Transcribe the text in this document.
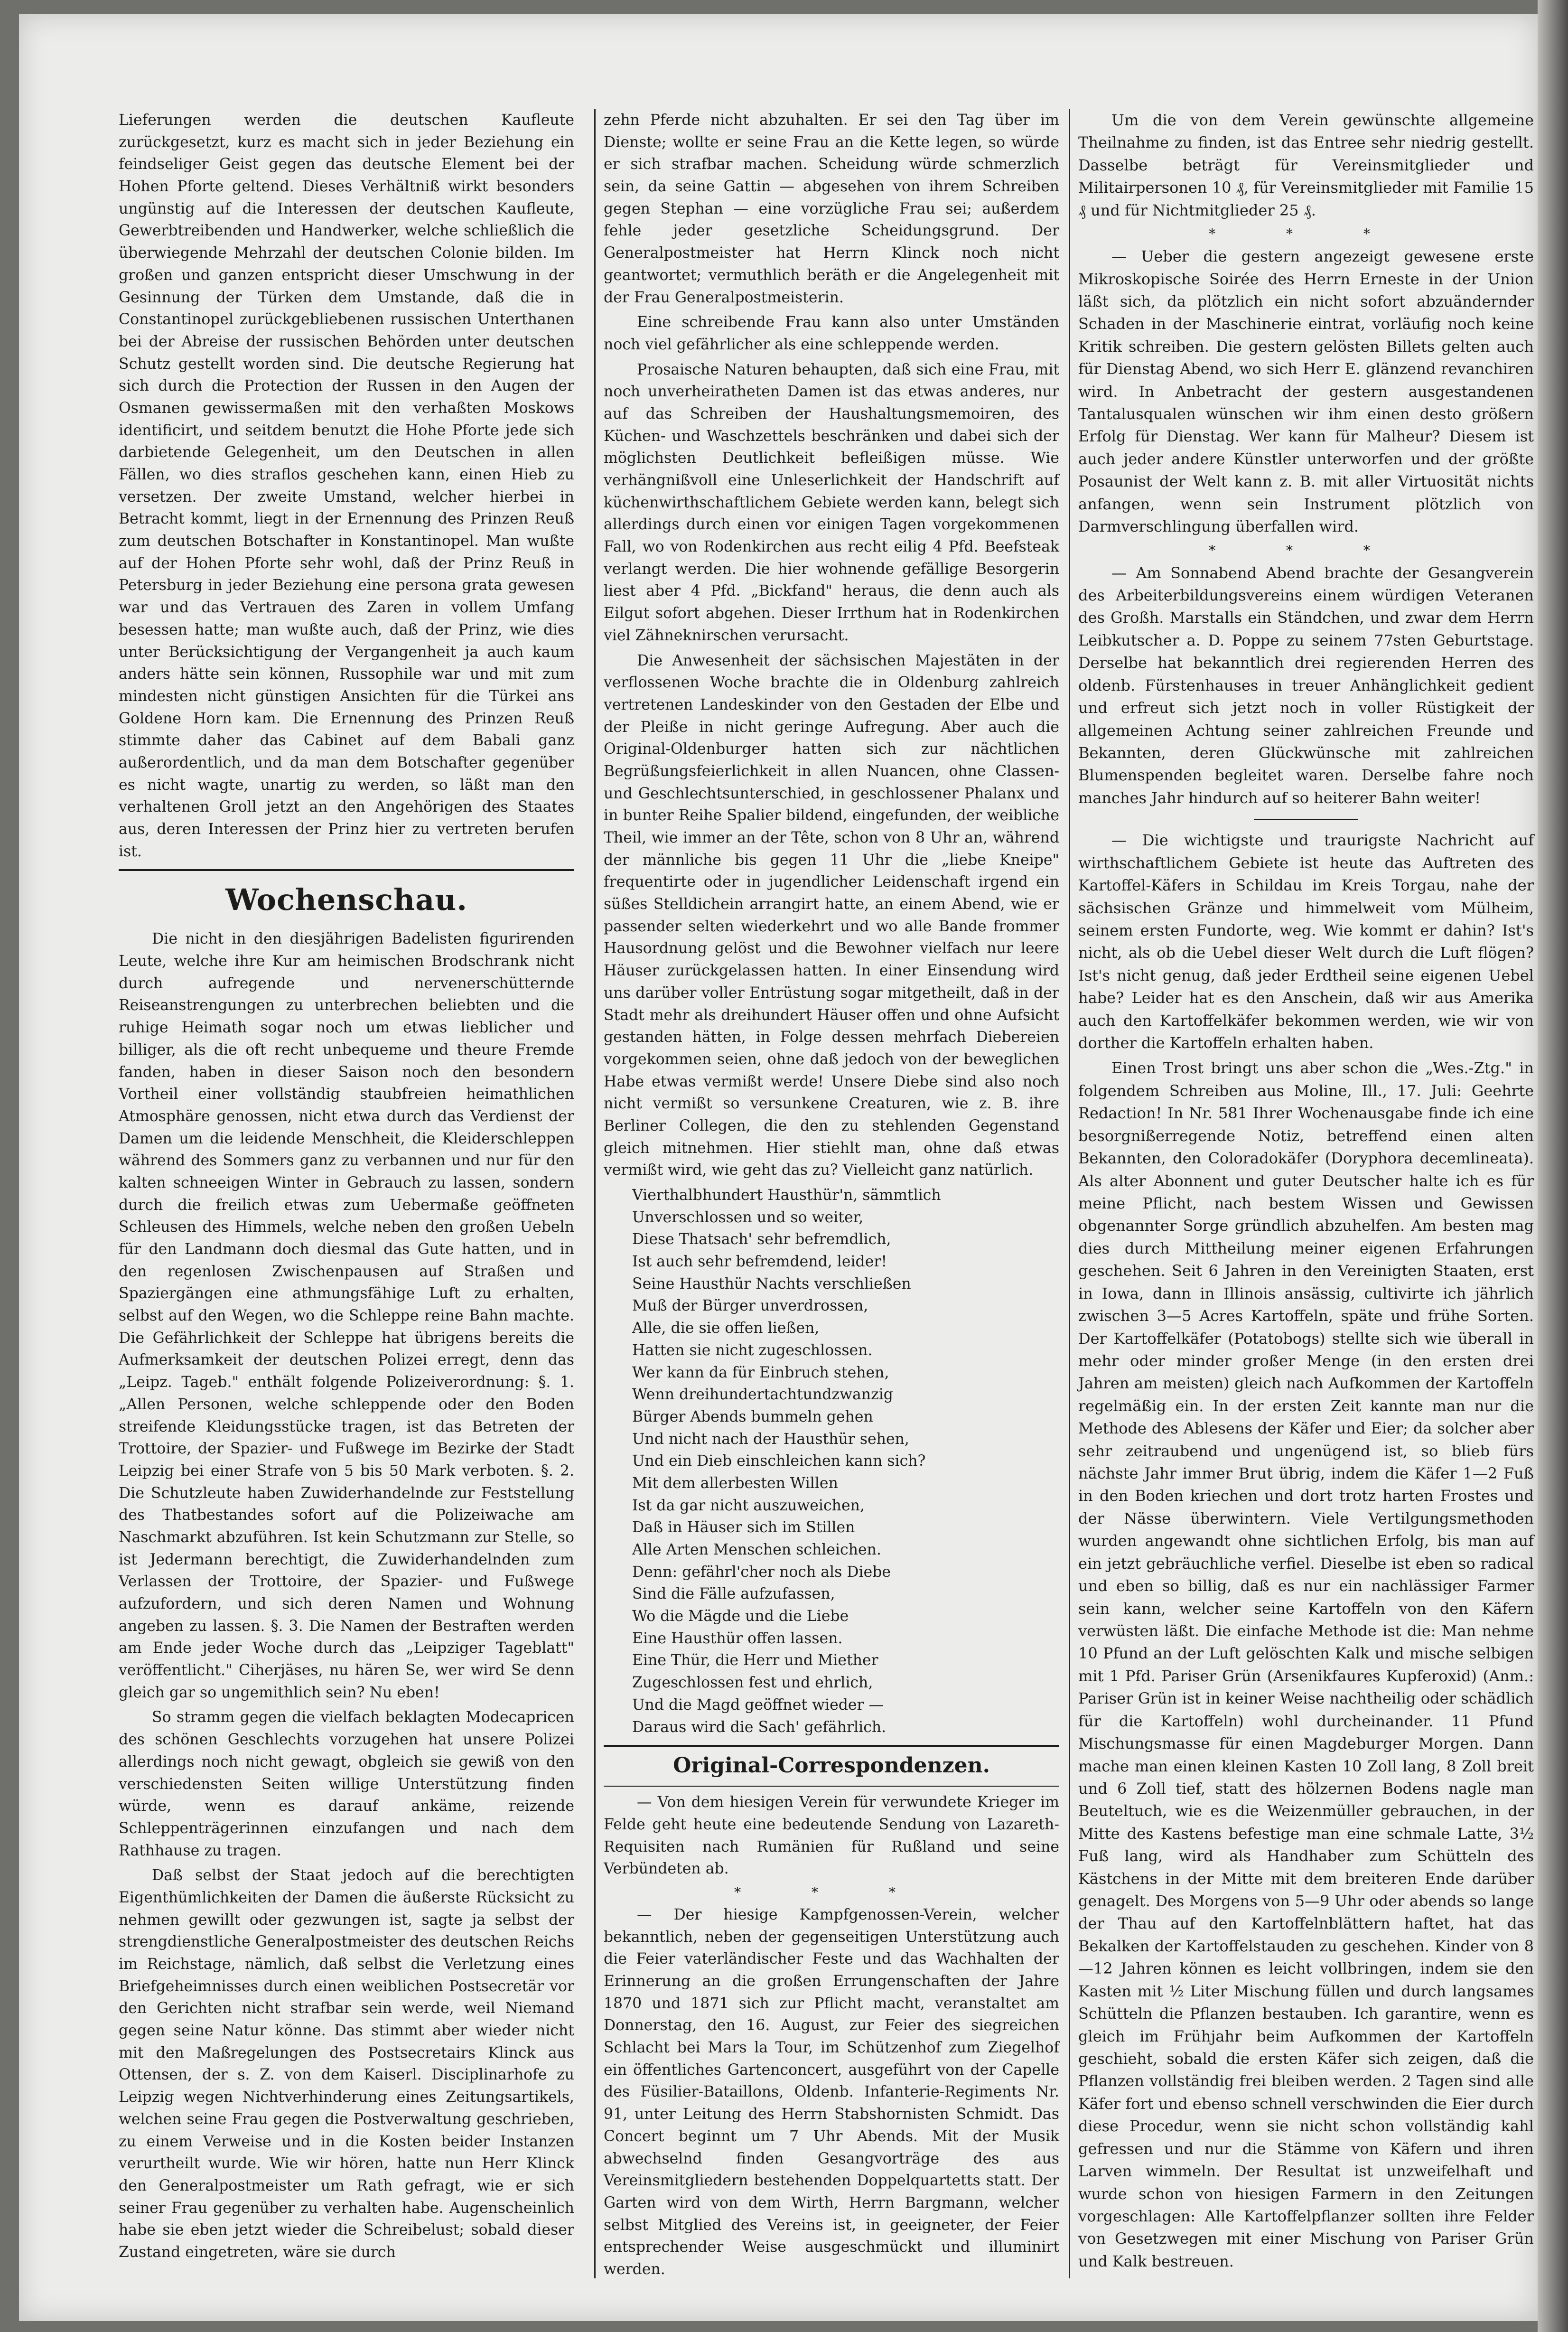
Lieferungen werden die deutschen Kaufleute zurückgesetzt, kurz es macht sich in jeder Beziehung ein feindseliger Geist gegen das deutsche Element bei der Hohen Pforte geltend. Dieses Verhältniß wirkt besonders ungünstig auf die Interessen der deutschen Kaufleute, Gewerbtreibenden und Handwerker, welche schließlich die überwiegende Mehrzahl der deutschen Colonie bilden. Im großen und ganzen entspricht dieser Umschwung in der Gesinnung der Türken dem Umstande, daß die in Constantinopel zurückgebliebenen russischen Unterthanen bei der Abreise der russischen Behörden unter deutschen Schutz gestellt worden sind. Die deutsche Regierung hat sich durch die Protection der Russen in den Augen der Osmanen gewissermaßen mit den verhaßten Moskows identificirt, und seitdem benutzt die Hohe Pforte jede sich darbietende Gelegenheit, um den Deutschen in allen Fällen, wo dies straflos geschehen kann, einen Hieb zu versetzen. Der zweite Umstand, welcher hierbei in Betracht kommt, liegt in der Ernennung des Prinzen Reuß zum deutschen Botschafter in Konstantinopel. Man wußte auf der Hohen Pforte sehr wohl, daß der Prinz Reuß in Petersburg in jeder Beziehung eine persona grata gewesen war und das Vertrauen des Zaren in vollem Umfang besessen hatte; man wußte auch, daß der Prinz, wie dies unter Berücksichtigung der Vergangenheit ja auch kaum anders hätte sein können, Russophile war und mit zum mindesten nicht günstigen Ansichten für die Türkei ans Goldene Horn kam. Die Ernennung des Prinzen Reuß stimmte daher das Cabinet auf dem Babali ganz außerordentlich, und da man dem Botschafter gegenüber es nicht wagte, unartig zu werden, so läßt man den verhaltenen Groll jetzt an den Angehörigen des Staates aus, deren Interessen der Prinz hier zu vertreten berufen ist.

Wochenschau.

Die nicht in den diesjährigen Badelisten figurirenden Leute, welche ihre Kur am heimischen Brodschrank nicht durch aufregende und nervenerschütternde Reiseanstrengungen zu unterbrechen beliebten und die ruhige Heimath sogar noch um etwas lieblicher und billiger, als die oft recht unbequeme und theure Fremde fanden, haben in dieser Saison noch den besondern Vortheil einer vollständig staubfreien heimathlichen Atmosphäre genossen, nicht etwa durch das Verdienst der Damen um die leidende Menschheit, die Kleiderschleppen während des Sommers ganz zu verbannen und nur für den kalten schneeigen Winter in Gebrauch zu lassen, sondern durch die freilich etwas zum Uebermaße geöffneten Schleusen des Himmels, welche neben den großen Uebeln für den Landmann doch diesmal das Gute hatten, und in den regenlosen Zwischenpausen auf Straßen und Spaziergängen eine athmungsfähige Luft zu erhalten, selbst auf den Wegen, wo die Schleppe reine Bahn machte. Die Gefährlichkeit der Schleppe hat übrigens bereits die Aufmerksamkeit der deutschen Polizei erregt, denn das „Leipz. Tageb." enthält folgende Polizeiverordnung: §. 1. „Allen Personen, welche schleppende oder den Boden streifende Kleidungsstücke tragen, ist das Betreten der Trottoire, der Spazier- und Fußwege im Bezirke der Stadt Leipzig bei einer Strafe von 5 bis 50 Mark verboten. §. 2. Die Schutzleute haben Zuwiderhandelnde zur Feststellung des Thatbestandes sofort auf die Polizeiwache am Naschmarkt abzuführen. Ist kein Schutzmann zur Stelle, so ist Jedermann berechtigt, die Zuwiderhandelnden zum Verlassen der Trottoire, der Spazier- und Fußwege aufzufordern, und sich deren Namen und Wohnung angeben zu lassen. §. 3. Die Namen der Bestraften werden am Ende jeder Woche durch das „Leipziger Tageblatt" veröffentlicht." Ciherjäses, nu hären Se, wer wird Se denn gleich gar so ungemithlich sein? Nu eben!

So stramm gegen die vielfach beklagten Modecapricen des schönen Geschlechts vorzugehen hat unsere Polizei allerdings noch nicht gewagt, obgleich sie gewiß von den verschiedensten Seiten willige Unterstützung finden würde, wenn es darauf ankäme, reizende Schleppenträgerinnen einzufangen und nach dem Rathhause zu tragen.

Daß selbst der Staat jedoch auf die berechtigten Eigenthümlichkeiten der Damen die äußerste Rücksicht zu nehmen gewillt oder gezwungen ist, sagte ja selbst der strengdienstliche Generalpostmeister des deutschen Reichs im Reichstage, nämlich, daß selbst die Verletzung eines Briefgeheimnisses durch einen weiblichen Postsecretär vor den Gerichten nicht strafbar sein werde, weil Niemand gegen seine Natur könne. Das stimmt aber wieder nicht mit den Maßregelungen des Postsecretairs Klinck aus Ottensen, der s. Z. von dem Kaiserl. Disciplinarhofe zu Leipzig wegen Nichtverhinderung eines Zeitungsartikels, welchen seine Frau gegen die Postverwaltung geschrieben, zu einem Verweise und in die Kosten beider Instanzen verurtheilt wurde. Wie wir hören, hatte nun Herr Klinck den Generalpostmeister um Rath gefragt, wie er sich seiner Frau gegenüber zu verhalten habe. Augenscheinlich habe sie eben jetzt wieder die Schreibelust; sobald dieser Zustand eingetreten, wäre sie durch

zehn Pferde nicht abzuhalten. Er sei den Tag über im Dienste; wollte er seine Frau an die Kette legen, so würde er sich strafbar machen. Scheidung würde schmerzlich sein, da seine Gattin — abgesehen von ihrem Schreiben gegen Stephan — eine vorzügliche Frau sei; außerdem fehle jeder gesetzliche Scheidungsgrund. Der Generalpostmeister hat Herrn Klinck noch nicht geantwortet; vermuthlich beräth er die Angelegenheit mit der Frau Generalpostmeisterin.

Eine schreibende Frau kann also unter Umständen noch viel gefährlicher als eine schleppende werden.

Prosaische Naturen behaupten, daß sich eine Frau, mit noch unverheiratheten Damen ist das etwas anderes, nur auf das Schreiben der Haushaltungsmemoiren, des Küchen- und Waschzettels beschränken und dabei sich der möglichsten Deutlichkeit befleißigen müsse. Wie verhängnißvoll eine Unleserlichkeit der Handschrift auf küchenwirthschaftlichem Gebiete werden kann, belegt sich allerdings durch einen vor einigen Tagen vorgekommenen Fall, wo von Rodenkirchen aus recht eilig 4 Pfd. Beefsteak verlangt werden. Die hier wohnende gefällige Besorgerin liest aber 4 Pfd. „Bickfand" heraus, die denn auch als Eilgut sofort abgehen. Dieser Irrthum hat in Rodenkirchen viel Zähneknirschen verursacht.

Die Anwesenheit der sächsischen Majestäten in der verflossenen Woche brachte die in Oldenburg zahlreich vertretenen Landeskinder von den Gestaden der Elbe und der Pleiße in nicht geringe Aufregung. Aber auch die Original-Oldenburger hatten sich zur nächtlichen Begrüßungsfeierlichkeit in allen Nuancen, ohne Classen- und Geschlechtsunterschied, in geschlossener Phalanx und in bunter Reihe Spalier bildend, eingefunden, der weibliche Theil, wie immer an der Tête, schon von 8 Uhr an, während der männliche bis gegen 11 Uhr die „liebe Kneipe" frequentirte oder in jugendlicher Leidenschaft irgend ein süßes Stelldichein arrangirt hatte, an einem Abend, wie er passender selten wiederkehrt und wo alle Bande frommer Hausordnung gelöst und die Bewohner vielfach nur leere Häuser zurückgelassen hatten. In einer Einsendung wird uns darüber voller Entrüstung sogar mitgetheilt, daß in der Stadt mehr als dreihundert Häuser offen und ohne Aufsicht gestanden hätten, in Folge dessen mehrfach Diebereien vorgekommen seien, ohne daß jedoch von der beweglichen Habe etwas vermißt werde! Unsere Diebe sind also noch nicht vermißt so versunkene Creaturen, wie z. B. ihre Berliner Collegen, die den zu stehlenden Gegenstand gleich mitnehmen. Hier stiehlt man, ohne daß etwas vermißt wird, wie geht das zu? Vielleicht ganz natürlich.

Vierthalbhundert Hausthür'n, sämmtlich
Unverschlossen und so weiter,
Diese Thatsach' sehr befremdlich,
Ist auch sehr befremdend, leider!
Seine Hausthür Nachts verschließen
Muß der Bürger unverdrossen,
Alle, die sie offen ließen,
Hatten sie nicht zugeschlossen.
Wer kann da für Einbruch stehen,
Wenn dreihundertachtundzwanzig
Bürger Abends bummeln gehen
Und nicht nach der Hausthür sehen,
Und ein Dieb einschleichen kann sich?
Mit dem allerbesten Willen
Ist da gar nicht auszuweichen,
Daß in Häuser sich im Stillen
Alle Arten Menschen schleichen.
Denn: gefährl'cher noch als Diebe
Sind die Fälle aufzufassen,
Wo die Mägde und die Liebe
Eine Hausthür offen lassen.
Eine Thür, die Herr und Miether
Zugeschlossen fest und ehrlich,
Und die Magd geöffnet wieder —
Daraus wird die Sach' gefährlich.
Original-Correspondenzen.

— Von dem hiesigen Verein für verwundete Krieger im Felde geht heute eine bedeutende Sendung von Lazareth-Requisiten nach Rumänien für Rußland und seine Verbündeten ab.

* * *

— Der hiesige Kampfgenossen-Verein, welcher bekanntlich, neben der gegenseitigen Unterstützung auch die Feier vaterländischer Feste und das Wachhalten der Erinnerung an die großen Errungenschaften der Jahre 1870 und 1871 sich zur Pflicht macht, veranstaltet am Donnerstag, den 16. August, zur Feier des siegreichen Schlacht bei Mars la Tour, im Schützenhof zum Ziegelhof ein öffentliches Gartenconcert, ausgeführt von der Capelle des Füsilier-Bataillons, Oldenb. Infanterie-Regiments Nr. 91, unter Leitung des Herrn Stabshornisten Schmidt. Das Concert beginnt um 7 Uhr Abends. Mit der Musik abwechselnd finden Gesangvorträge des aus Vereinsmitgliedern bestehenden Doppelquartetts statt. Der Garten wird von dem Wirth, Herrn Bargmann, welcher selbst Mitglied des Vereins ist, in geeigneter, der Feier entsprechender Weise ausgeschmückt und illuminirt werden.

Um die von dem Verein gewünschte allgemeine Theilnahme zu finden, ist das Entree sehr niedrig gestellt. Dasselbe beträgt für Vereinsmitglieder und Militairpersonen 10 ₰, für Vereinsmitglieder mit Familie 15 ₰ und für Nichtmitglieder 25 ₰.

* * *

— Ueber die gestern angezeigt gewesene erste Mikroskopische Soirée des Herrn Erneste in der Union läßt sich, da plötzlich ein nicht sofort abzuändernder Schaden in der Maschinerie eintrat, vorläufig noch keine Kritik schreiben. Die gestern gelösten Billets gelten auch für Dienstag Abend, wo sich Herr E. glänzend revanchiren wird. In Anbetracht der gestern ausgestandenen Tantalusqualen wünschen wir ihm einen desto größern Erfolg für Dienstag. Wer kann für Malheur? Diesem ist auch jeder andere Künstler unterworfen und der größte Posaunist der Welt kann z. B. mit aller Virtuosität nichts anfangen, wenn sein Instrument plötzlich von Darmverschlingung überfallen wird.

* * *

— Am Sonnabend Abend brachte der Gesangverein des Arbeiterbildungsvereins einem würdigen Veteranen des Großh. Marstalls ein Ständchen, und zwar dem Herrn Leibkutscher a. D. Poppe zu seinem 77sten Geburtstage. Derselbe hat bekanntlich drei regierenden Herren des oldenb. Fürstenhauses in treuer Anhänglichkeit gedient und erfreut sich jetzt noch in voller Rüstigkeit der allgemeinen Achtung seiner zahlreichen Freunde und Bekannten, deren Glückwünsche mit zahlreichen Blumenspenden begleitet waren. Derselbe fahre noch manches Jahr hindurch auf so heiterer Bahn weiter!

— Die wichtigste und traurigste Nachricht auf wirthschaftlichem Gebiete ist heute das Auftreten des Kartoffel-Käfers in Schildau im Kreis Torgau, nahe der sächsischen Gränze und himmelweit vom Mülheim, seinem ersten Fundorte, weg. Wie kommt er dahin? Ist's nicht, als ob die Uebel dieser Welt durch die Luft flögen? Ist's nicht genug, daß jeder Erdtheil seine eigenen Uebel habe? Leider hat es den Anschein, daß wir aus Amerika auch den Kartoffelkäfer bekommen werden, wie wir von dorther die Kartoffeln erhalten haben.

Einen Trost bringt uns aber schon die „Wes.-Ztg." in folgendem Schreiben aus Moline, Ill., 17. Juli: Geehrte Redaction! In Nr. 581 Ihrer Wochenausgabe finde ich eine besorgnißerregende Notiz, betreffend einen alten Bekannten, den Coloradokäfer (Doryphora decemlineata). Als alter Abonnent und guter Deutscher halte ich es für meine Pflicht, nach bestem Wissen und Gewissen obgenannter Sorge gründlich abzuhelfen. Am besten mag dies durch Mittheilung meiner eigenen Erfahrungen geschehen. Seit 6 Jahren in den Vereinigten Staaten, erst in Iowa, dann in Illinois ansässig, cultivirte ich jährlich zwischen 3—5 Acres Kartoffeln, späte und frühe Sorten. Der Kartoffelkäfer (Potatobogs) stellte sich wie überall in mehr oder minder großer Menge (in den ersten drei Jahren am meisten) gleich nach Aufkommen der Kartoffeln regelmäßig ein. In der ersten Zeit kannte man nur die Methode des Ablesens der Käfer und Eier; da solcher aber sehr zeitraubend und ungenügend ist, so blieb fürs nächste Jahr immer Brut übrig, indem die Käfer 1—2 Fuß in den Boden kriechen und dort trotz harten Frostes und der Nässe überwintern. Viele Vertilgungsmethoden wurden angewandt ohne sichtlichen Erfolg, bis man auf ein jetzt gebräuchliche verfiel. Dieselbe ist eben so radical und eben so billig, daß es nur ein nachlässiger Farmer sein kann, welcher seine Kartoffeln von den Käfern verwüsten läßt. Die einfache Methode ist die: Man nehme 10 Pfund an der Luft gelöschten Kalk und mische selbigen mit 1 Pfd. Pariser Grün (Arsenikfaures Kupferoxid) (Anm.: Pariser Grün ist in keiner Weise nachtheilig oder schädlich für die Kartoffeln) wohl durcheinander. 11 Pfund Mischungsmasse für einen Magdeburger Morgen. Dann mache man einen kleinen Kasten 10 Zoll lang, 8 Zoll breit und 6 Zoll tief, statt des hölzernen Bodens nagle man Beuteltuch, wie es die Weizenmüller gebrauchen, in der Mitte des Kastens befestige man eine schmale Latte, 3½ Fuß lang, wird als Handhaber zum Schütteln des Kästchens in der Mitte mit dem breiteren Ende darüber genagelt. Des Morgens von 5—9 Uhr oder abends so lange der Thau auf den Kartoffelnblättern haftet, hat das Bekalken der Kartoffelstauden zu geschehen. Kinder von 8—12 Jahren können es leicht vollbringen, indem sie den Kasten mit ½ Liter Mischung füllen und durch langsames Schütteln die Pflanzen bestauben. Ich garantire, wenn es gleich im Frühjahr beim Aufkommen der Kartoffeln geschieht, sobald die ersten Käfer sich zeigen, daß die Pflanzen vollständig frei bleiben werden. 2 Tagen sind alle Käfer fort und ebenso schnell verschwinden die Eier durch diese Procedur, wenn sie nicht schon vollständig kahl gefressen und nur die Stämme von Käfern und ihren Larven wimmeln. Der Resultat ist unzweifelhaft und wurde schon von hiesigen Farmern in den Zeitungen vorgeschlagen: Alle Kartoffelpflanzer sollten ihre Felder von Gesetzwegen mit einer Mischung von Pariser Grün und Kalk bestreuen.
